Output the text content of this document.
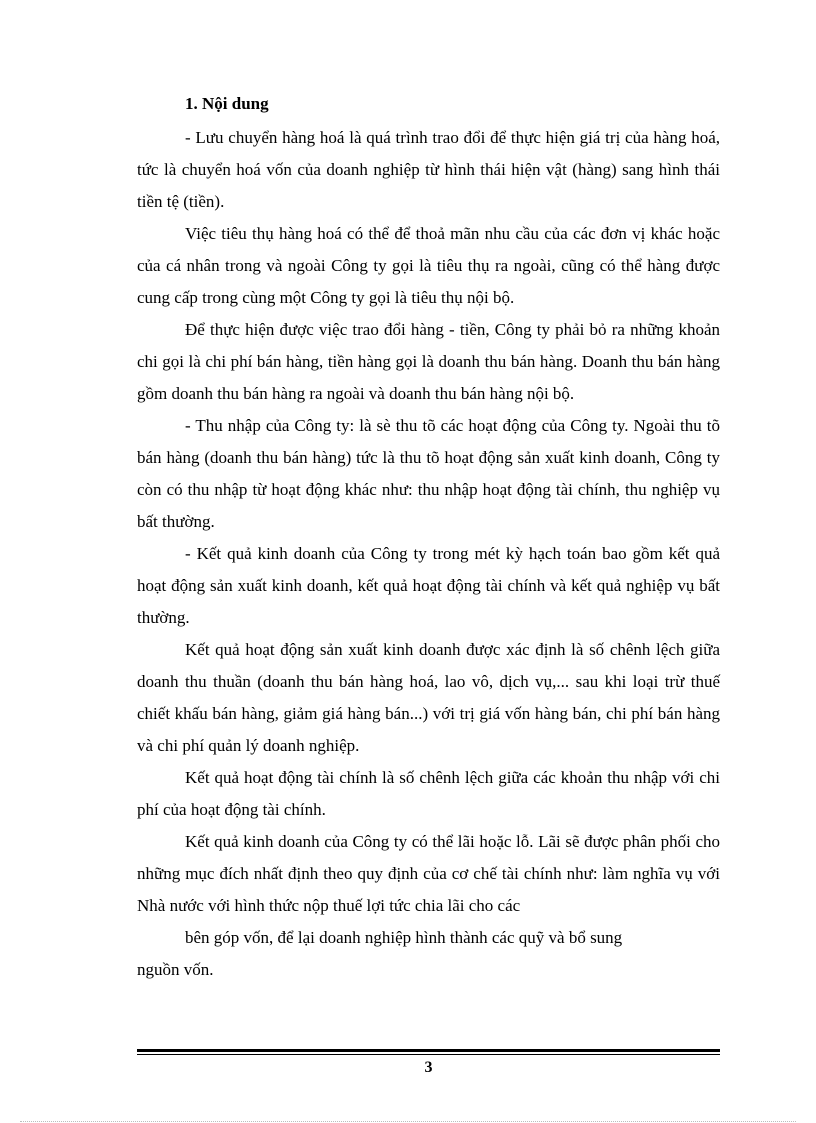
1. Nội dung

- Lưu chuyển hàng hoá là quá trình trao đổi để thực hiện giá trị của hàng hoá, tức là chuyển hoá vốn của doanh nghiệp từ hình thái hiện vật (hàng) sang hình thái tiền tệ (tiền).

Việc tiêu thụ hàng hoá có thể để thoả mãn nhu cầu của các đơn vị khác hoặc của cá nhân trong và ngoài Công ty gọi là tiêu thụ ra ngoài, cũng có thể hàng được cung cấp trong cùng một Công ty gọi là tiêu thụ nội bộ.

Để thực hiện được việc trao đổi hàng - tiền, Công ty phải bỏ ra những khoản chi gọi là chi phí bán hàng, tiền hàng gọi là doanh thu bán hàng. Doanh thu bán hàng gồm doanh thu bán hàng ra ngoài và doanh thu bán hàng nội bộ.

- Thu nhập của Công ty: là sè thu tõ các hoạt động của Công ty. Ngoài thu tõ bán hàng (doanh thu bán hàng) tức là thu tõ hoạt động sản xuất kinh doanh, Công ty còn có thu nhập từ hoạt động khác như: thu nhập hoạt động tài chính, thu nghiệp vụ bất thường.

- Kết quả kinh doanh của Công ty trong mét kỳ hạch toán bao gồm kết quả hoạt động sản xuất kinh doanh, kết quả hoạt động tài chính và kết quả nghiệp vụ bất thường.

Kết quả hoạt động sản xuất kinh doanh được xác định là số chênh lệch giữa doanh thu thuần (doanh thu bán hàng hoá, lao vô, dịch vụ,... sau khi loại trừ thuế chiết khấu bán hàng, giảm giá hàng bán...) với trị giá vốn hàng bán, chi phí bán hàng và chi phí quản lý doanh nghiệp.

Kết quả hoạt động tài chính là số chênh lệch giữa các khoản thu nhập với chi phí của hoạt động tài chính.

Kết quả kinh doanh của Công ty có thể lãi hoặc lỗ. Lãi sẽ được phân phối cho những mục đích nhất định theo quy định của cơ chế tài chính như: làm nghĩa vụ với Nhà nước với hình thức nộp thuế lợi tức chia lãi cho các

bên góp vốn, để lại doanh nghiệp hình thành các quỹ và bổ sung
nguồn vốn.

3
